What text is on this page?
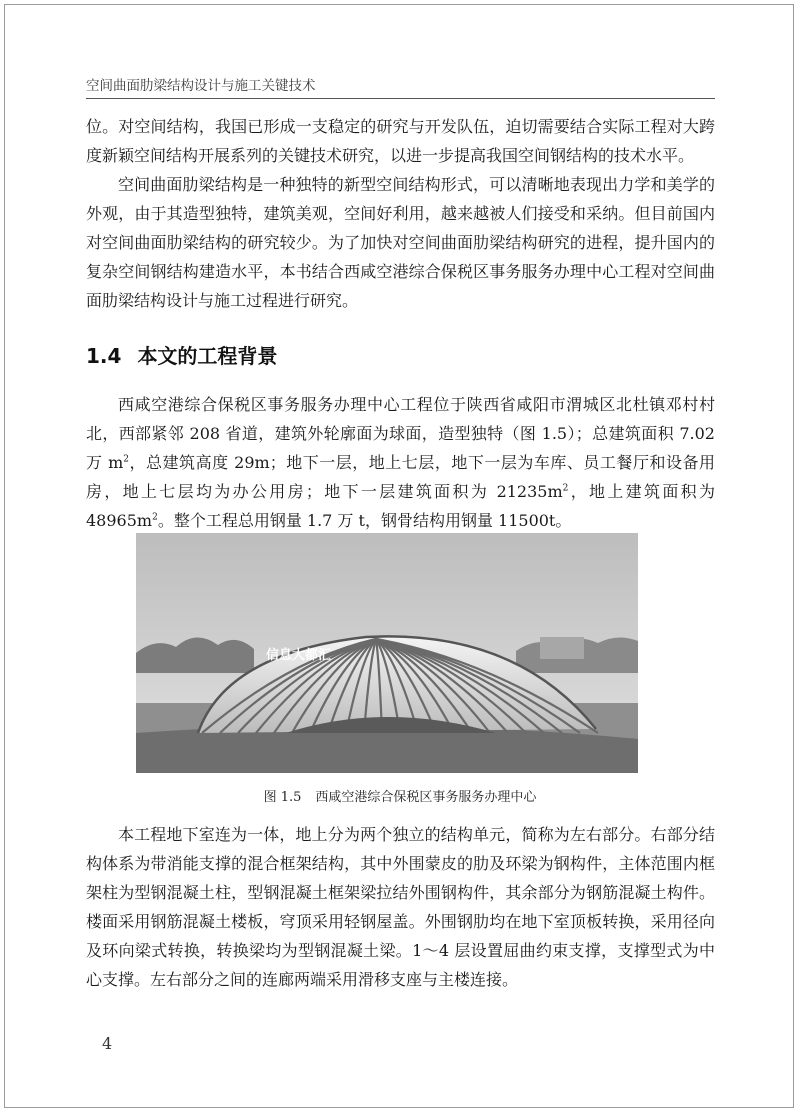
空间曲面肋梁结构设计与施工关键技术

位。对空间结构，我国已形成一支稳定的研究与开发队伍，迫切需要结合实际工程对大跨度新颖空间结构开展系列的关键技术研究，以进一步提高我国空间钢结构的技术水平。

空间曲面肋梁结构是一种独特的新型空间结构形式，可以清晰地表现出力学和美学的外观，由于其造型独特，建筑美观，空间好利用，越来越被人们接受和采纳。但目前国内对空间曲面肋梁结构的研究较少。为了加快对空间曲面肋梁结构研究的进程，提升国内的复杂空间钢结构建造水平，本书结合西咸空港综合保税区事务服务办理中心工程对空间曲面肋梁结构设计与施工过程进行研究。

1.4 本文的工程背景

西咸空港综合保税区事务服务办理中心工程位于陕西省咸阳市渭城区北杜镇邓村村北，西部紧邻 208 省道，建筑外轮廓面为球面，造型独特（图 1.5）；总建筑面积 7.02 万 $m^2$，总建筑高度 29m；地下一层，地上七层，地下一层为车库、员工餐厅和设备用房，地上七层均为办公用房；地下一层建筑面积为 $21235m^2$，地上建筑面积为 $48965m^2$。整个工程总用钢量 1.7 万 t，钢骨结构用钢量 11500t。

信息大都汇
图 1.5 西咸空港综合保税区事务服务办理中心

本工程地下室连为一体，地上分为两个独立的结构单元，简称为左右部分。右部分结构体系为带消能支撑的混合框架结构，其中外围蒙皮的肋及环梁为钢构件，主体范围内框架柱为型钢混凝土柱，型钢混凝土框架梁拉结外围钢构件，其余部分为钢筋混凝土构件。楼面采用钢筋混凝土楼板，穹顶采用轻钢屋盖。外围钢肋均在地下室顶板转换，采用径向及环向梁式转换，转换梁均为型钢混凝土梁。1～4 层设置屈曲约束支撑，支撑型式为中心支撑。左右部分之间的连廊两端采用滑移支座与主楼连接。

4
